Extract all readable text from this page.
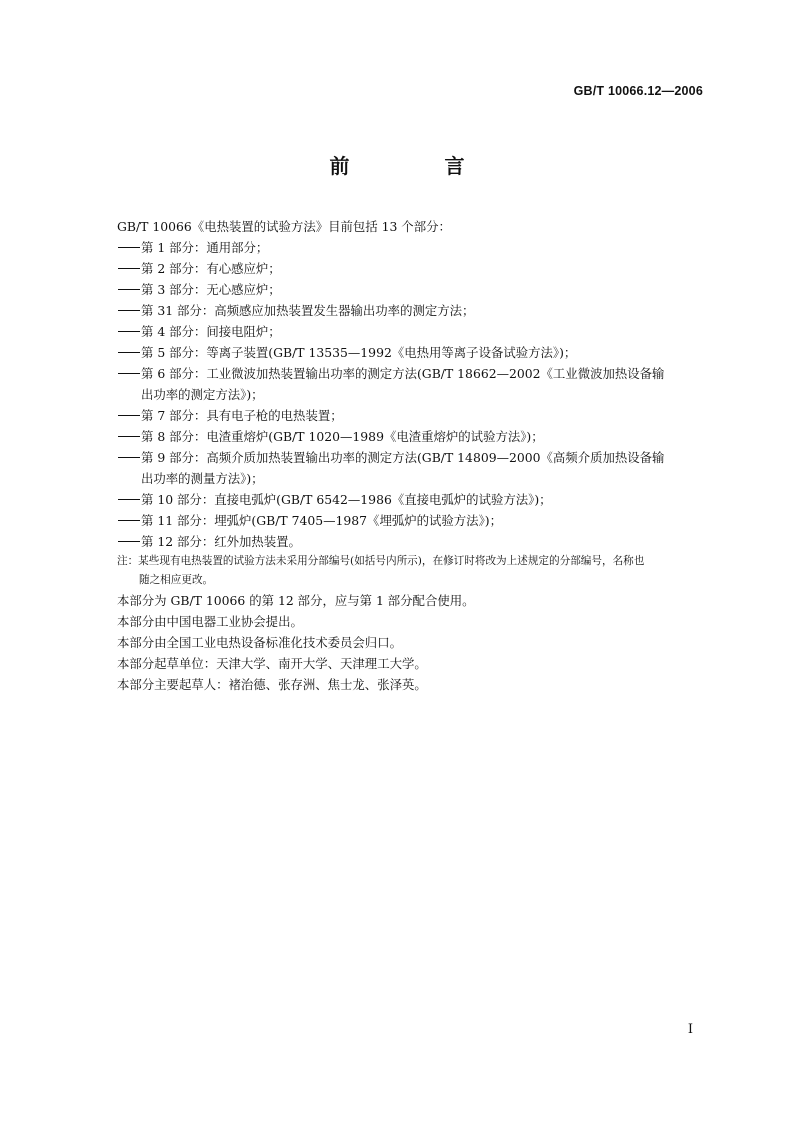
GB/T 10066.12—2006
前 言
GB/T 10066《电热装置的试验方法》目前包括 13 个部分：
第 1 部分：通用部分；
第 2 部分：有心感应炉；
第 3 部分：无心感应炉；
第 31 部分：高频感应加热装置发生器输出功率的测定方法；
第 4 部分：间接电阻炉；
第 5 部分：等离子装置(GB/T 13535—1992《电热用等离子设备试验方法》)；
第 6 部分：工业微波加热装置输出功率的测定方法(GB/T 18662—2002《工业微波加热设备输
出功率的测定方法》)；
第 7 部分：具有电子枪的电热装置；
第 8 部分：电渣重熔炉(GB/T 1020—1989《电渣重熔炉的试验方法》)；
第 9 部分：高频介质加热装置输出功率的测定方法(GB/T 14809—2000《高频介质加热设备输
出功率的测量方法》)；
第 10 部分：直接电弧炉(GB/T 6542—1986《直接电弧炉的试验方法》)；
第 11 部分：埋弧炉(GB/T 7405—1987《埋弧炉的试验方法》)；
第 12 部分：红外加热装置。
注：某些现有电热装置的试验方法未采用分部编号(如括号内所示)，在修订时将改为上述规定的分部编号，名称也
随之相应更改。
本部分为 GB/T 10066 的第 12 部分，应与第 1 部分配合使用。
本部分由中国电器工业协会提出。
本部分由全国工业电热设备标准化技术委员会归口。
本部分起草单位：天津大学、南开大学、天津理工大学。
本部分主要起草人：褚治德、张存洲、焦士龙、张泽英。
I
